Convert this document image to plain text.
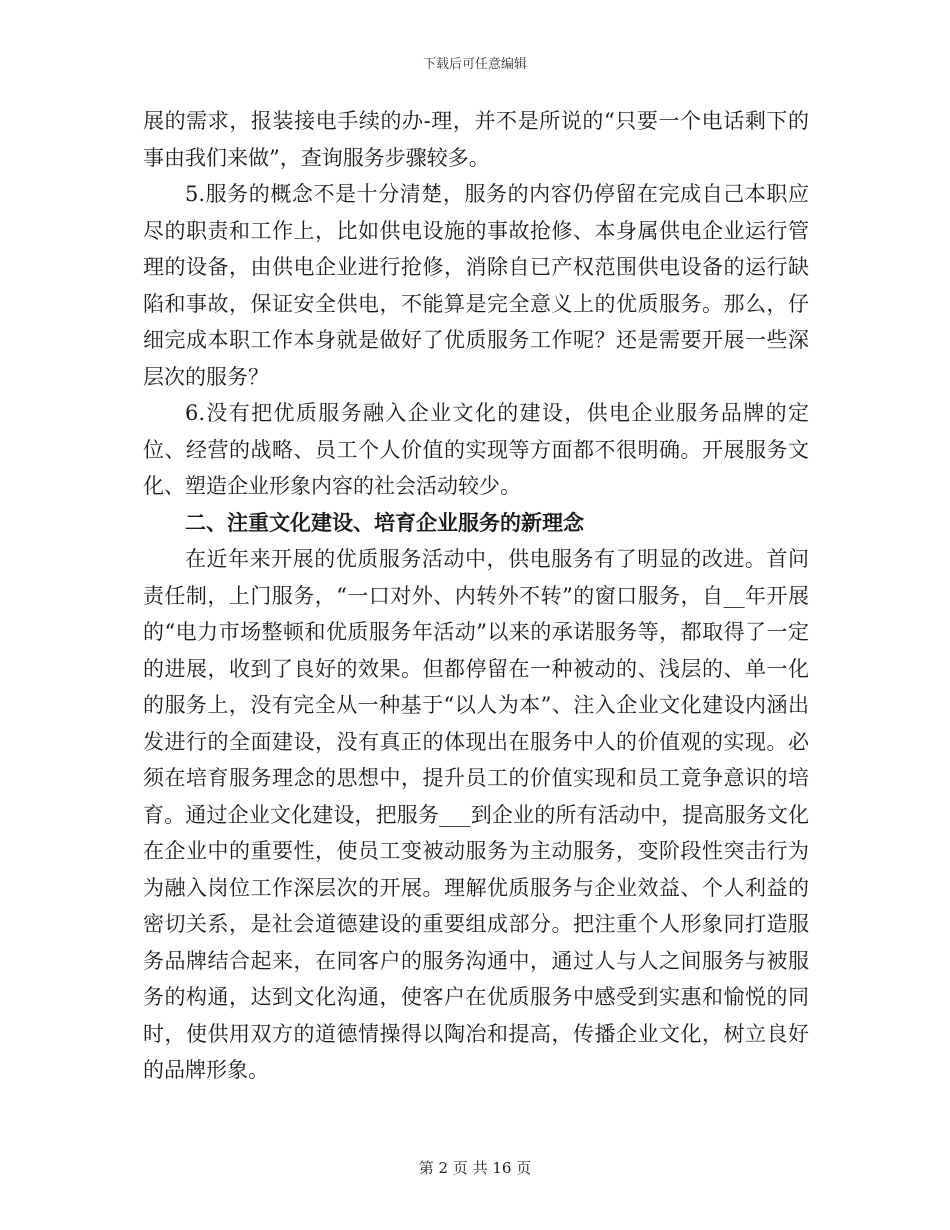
下载后可任意编辑

展的需求，报装接电手续的办-理，并不是所说的“只要一个电话剩下的事由我们来做”，查询服务步骤较多。

5.服务的概念不是十分清楚，服务的内容仍停留在完成自己本职应尽的职责和工作上，比如供电设施的事故抢修、本身属供电企业运行管理的设备，由供电企业进行抢修，消除自已产权范围供电设备的运行缺陷和事故，保证安全供电，不能算是完全意义上的优质服务。那么，仔细完成本职工作本身就是做好了优质服务工作呢？还是需要开展一些深层次的服务？

6.没有把优质服务融入企业文化的建设，供电企业服务品牌的定位、经营的战略、员工个人价值的实现等方面都不很明确。开展服务文化、塑造企业形象内容的社会活动较少。

二、注重文化建设、培育企业服务的新理念

在近年来开展的优质服务活动中，供电服务有了明显的改进。首问责任制，上门服务，“一口对外、内转外不转”的窗口服务，自__年开展的“电力市场整顿和优质服务年活动”以来的承诺服务等，都取得了一定的进展，收到了良好的效果。但都停留在一种被动的、浅层的、单一化的服务上，没有完全从一种基于“以人为本”、注入企业文化建设内涵出发进行的全面建设，没有真正的体现出在服务中人的价值观的实现。必须在培育服务理念的思想中，提升员工的价值实现和员工竟争意识的培育。通过企业文化建设，把服务___到企业的所有活动中，提高服务文化在企业中的重要性，使员工变被动服务为主动服务，变阶段性突击行为为融入岗位工作深层次的开展。理解优质服务与企业效益、个人利益的密切关系，是社会道德建设的重要组成部分。把注重个人形象同打造服务品牌结合起来，在同客户的服务沟通中，通过人与人之间服务与被服务的构通，达到文化沟通，使客户在优质服务中感受到实惠和愉悦的同时，使供用双方的道德情操得以陶冶和提高，传播企业文化，树立良好的品牌形象。

第 2 页 共 16 页
